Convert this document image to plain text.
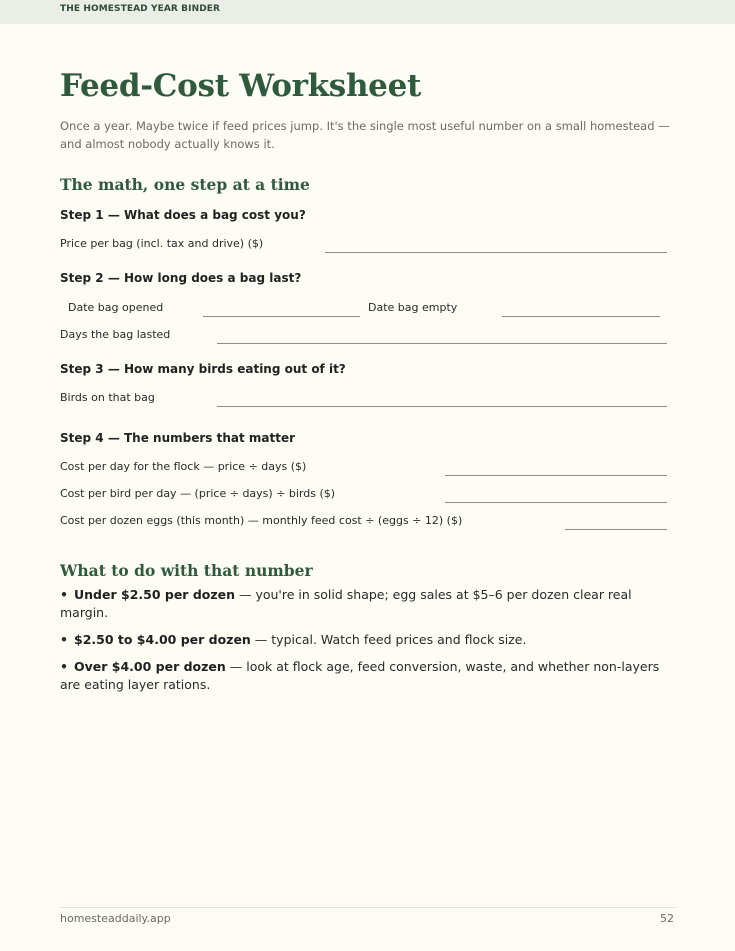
THE HOMESTEAD YEAR BINDER
Feed-Cost Worksheet

Once a year. Maybe twice if feed prices jump. It's the single most useful number on a small homestead — and almost nobody actually knows it.

The math, one step at a time
Step 1 — What does a bag cost you?
Price per bag (incl. tax and drive) ($)
Step 2 — How long does a bag last?
Date bag opened	Date bag empty
Days the bag lasted
Step 3 — How many birds eating out of it?
Birds on that bag
Step 4 — The numbers that matter
Cost per day for the flock — price ÷ days ($)
Cost per bird per day — (price ÷ days) ÷ birds ($)
Cost per dozen eggs (this month) — monthly feed cost ÷ (eggs ÷ 12) ($)
What to do with that number
• Under $2.50 per dozen — you're in solid shape; egg sales at $5–6 per dozen clear real margin.
• $2.50 to $4.00 per dozen — typical. Watch feed prices and flock size.
• Over $4.00 per dozen — look at flock age, feed conversion, waste, and whether non-layers are eating layer rations.
homesteaddaily.app	52
